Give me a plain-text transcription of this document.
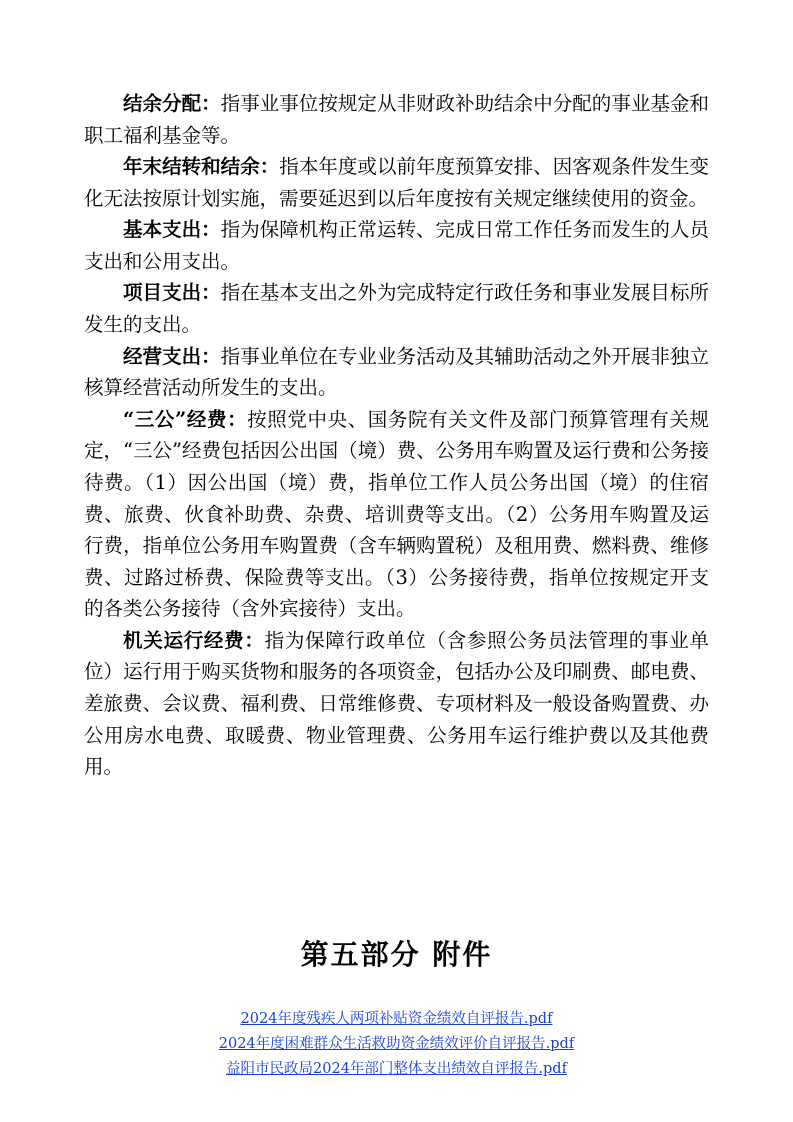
结余分配：指事业事位按规定从非财政补助结余中分配的事业基金和职工福利基金等。

年末结转和结余：指本年度或以前年度预算安排、因客观条件发生变化无法按原计划实施，需要延迟到以后年度按有关规定继续使用的资金。

基本支出：指为保障机构正常运转、完成日常工作任务而发生的人员支出和公用支出。

项目支出：指在基本支出之外为完成特定行政任务和事业发展目标所发生的支出。

经营支出：指事业单位在专业业务活动及其辅助活动之外开展非独立核算经营活动所发生的支出。

“三公”经费：按照党中央、国务院有关文件及部门预算管理有关规定，“三公”经费包括因公出国（境）费、公务用车购置及运行费和公务接待费。（1）因公出国（境）费，指单位工作人员公务出国（境）的住宿费、旅费、伙食补助费、杂费、培训费等支出。（2）公务用车购置及运行费，指单位公务用车购置费（含车辆购置税）及租用费、燃料费、维修费、过路过桥费、保险费等支出。（3）公务接待费，指单位按规定开支的各类公务接待（含外宾接待）支出。

机关运行经费：指为保障行政单位（含参照公务员法管理的事业单位）运行用于购买货物和服务的各项资金，包括办公及印刷费、邮电费、差旅费、会议费、福利费、日常维修费、专项材料及一般设备购置费、办公用房水电费、取暖费、物业管理费、公务用车运行维护费以及其他费用。

第五部分 附件
2024年度残疾人两项补贴资金绩效自评报告.pdf
2024年度困难群众生活救助资金绩效评价自评报告.pdf
益阳市民政局2024年部门整体支出绩效自评报告.pdf
